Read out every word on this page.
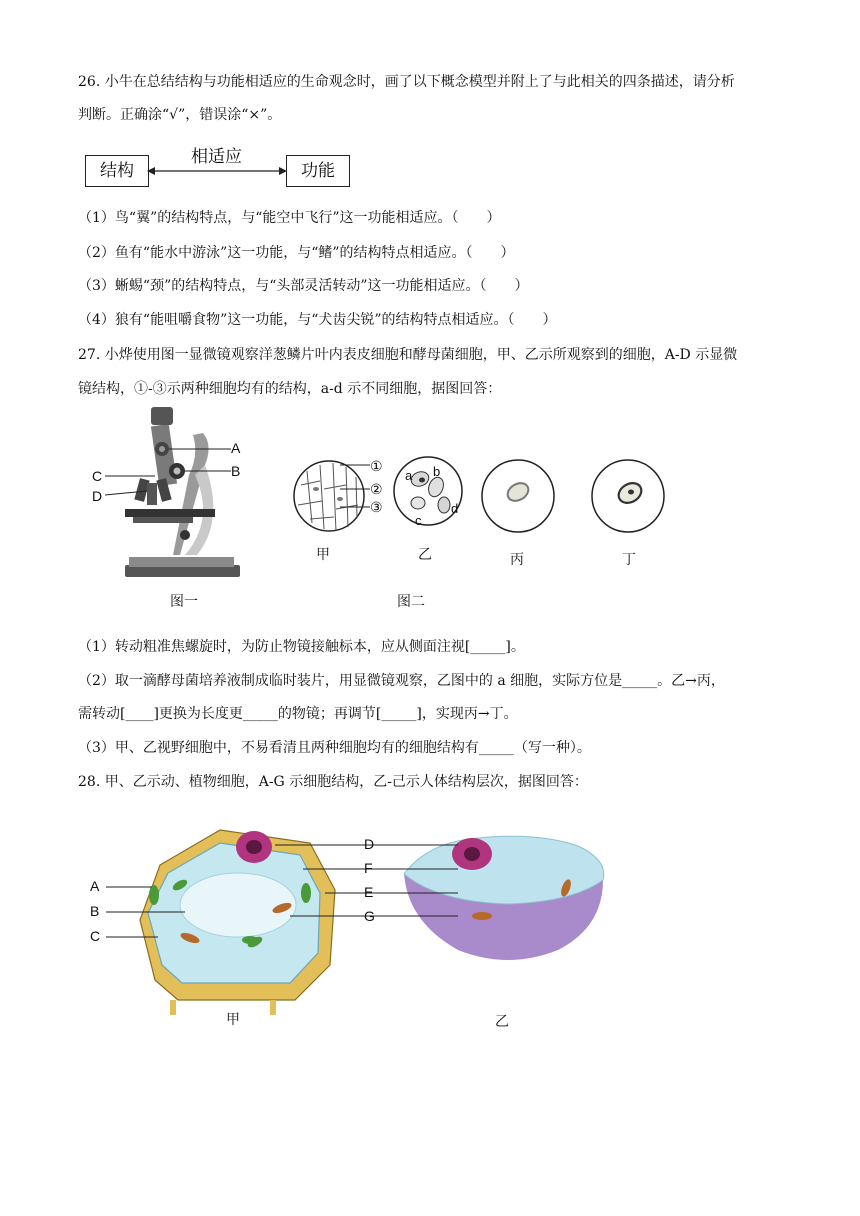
26. 小牛在总结结构与功能相适应的生命观念时，画了以下概念模型并附上了与此相关的四条描述，请分析
判断。正确涂“√”，错误涂“×”。
结构	功能
相适应
（1）鸟“翼”的结构特点，与“能空中飞行”这一功能相适应。（　　）
（2）鱼有“能水中游泳”这一功能，与“鳍”的结构特点相适应。（　　）
（3）蜥蜴“颈”的结构特点，与“头部灵活转动”这一功能相适应。（　　）
（4）狼有“能咀嚼食物”这一功能，与“犬齿尖锐”的结构特点相适应。（　　）
27. 小烨使用图一显微镜观察洋葱鳞片叶内表皮细胞和酵母菌细胞，甲、乙示所观察到的细胞，A-D 示显微
镜结构，①-③示两种细胞均有的结构，a-d 示不同细胞，据图回答：
A
B
C
D
图一
①
②
③
a b
c
d
甲	乙	丙	丁
图二
（1）转动粗准焦螺旋时，为防止物镜接触标本，应从侧面注视[_____]。
（2）取一滴酵母菌培养液制成临时装片，用显微镜观察，乙图中的 a 细胞，实际方位是_____。乙→丙，
需转动[____]更换为长度更_____的物镜；再调节[_____]，实现丙→丁。
（3）甲、乙视野细胞中，不易看清且两种细胞均有的细胞结构有_____（写一种）。
28. 甲、乙示动、植物细胞，A-G 示细胞结构，乙-己示人体结构层次，据图回答：
A
B
C
D
F
E
G
甲	乙
